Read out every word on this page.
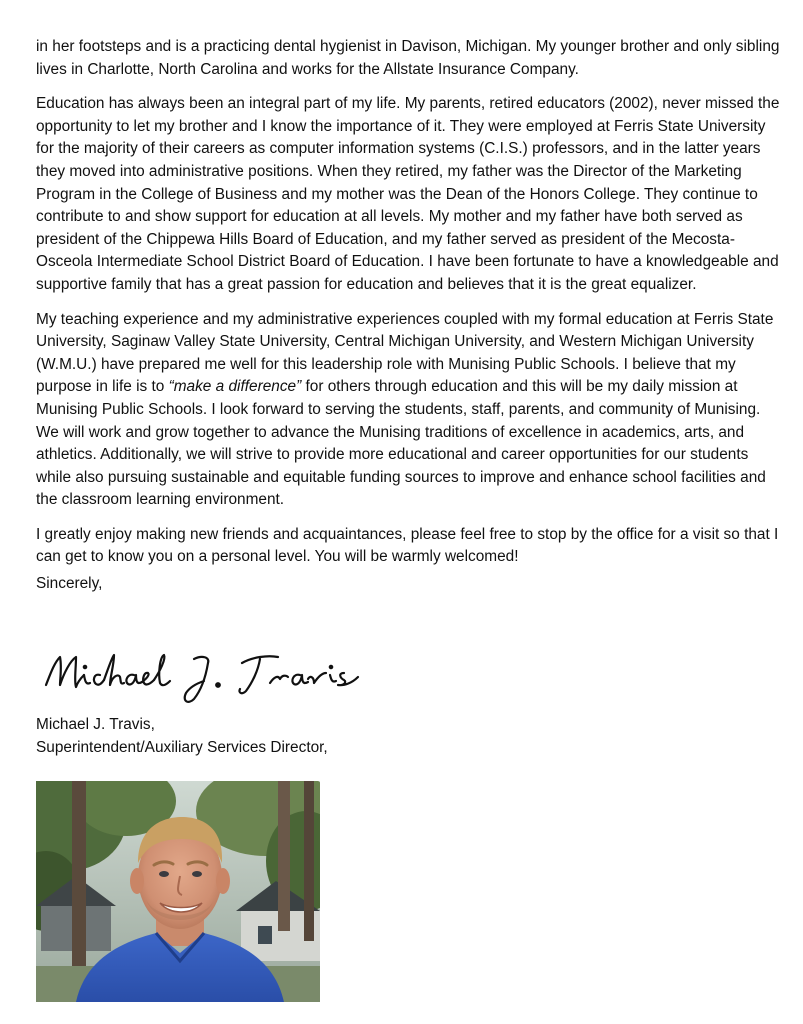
in her footsteps and is a practicing dental hygienist in Davison, Michigan. My younger brother and only sibling lives in Charlotte, North Carolina and works for the Allstate Insurance Company.

Education has always been an integral part of my life. My parents, retired educators (2002), never missed the opportunity to let my brother and I know the importance of it. They were employed at Ferris State University for the majority of their careers as computer information systems (C.I.S.) professors, and in the latter years they moved into administrative positions. When they retired, my father was the Director of the Marketing Program in the College of Business and my mother was the Dean of the Honors College. They continue to contribute to and show support for education at all levels. My mother and my father have both served as president of the Chippewa Hills Board of Education, and my father served as president of the Mecosta-Osceola Intermediate School District Board of Education. I have been fortunate to have a knowledgeable and supportive family that has a great passion for education and believes that it is the great equalizer.

My teaching experience and my administrative experiences coupled with my formal education at Ferris State University, Saginaw Valley State University, Central Michigan University, and Western Michigan University (W.M.U.) have prepared me well for this leadership role with Munising Public Schools. I believe that my purpose in life is to “make a difference” for others through education and this will be my daily mission at Munising Public Schools. I look forward to serving the students, staff, parents, and community of Munising. We will work and grow together to advance the Munising traditions of excellence in academics, arts, and athletics. Additionally, we will strive to provide more educational and career opportunities for our students while also pursuing sustainable and equitable funding sources to improve and enhance school facilities and the classroom learning environment.

I greatly enjoy making new friends and acquaintances, please feel free to stop by the office for a visit so that I can get to know you on a personal level. You will be warmly welcomed!

Sincerely,

Michael J. Travis,
Superintendent/Auxiliary Services Director,
